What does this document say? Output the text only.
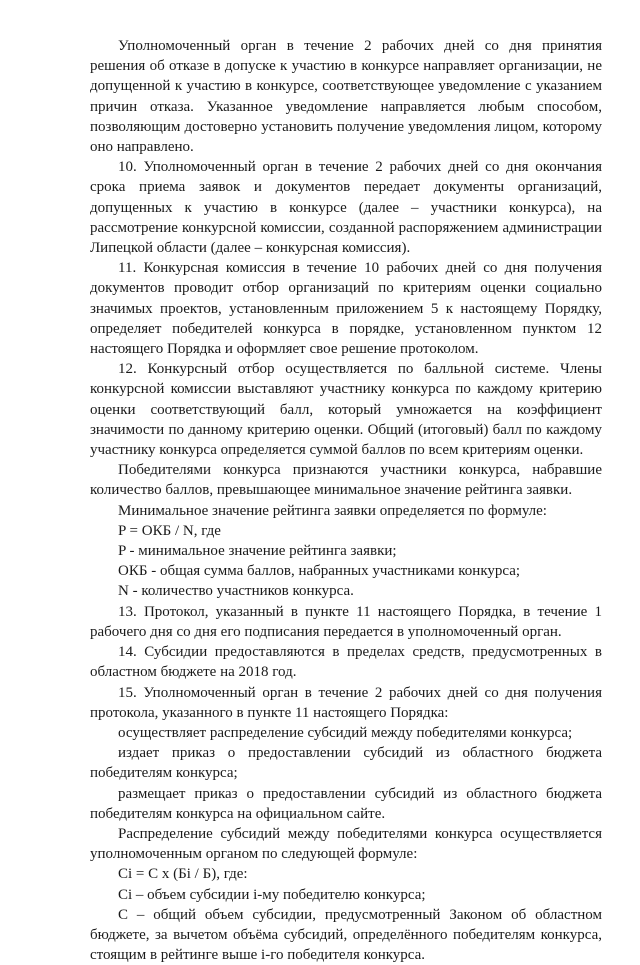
Уполномоченный орган в течение 2 рабочих дней со дня принятия решения об отказе в допуске к участию в конкурсе направляет организации, не допущенной к участию в конкурсе, соответствующее уведомление с указанием причин отказа. Указанное уведомление направляется любым способом, позволяющим достоверно установить получение уведомления лицом, которому оно направлено.

10. Уполномоченный орган в течение 2 рабочих дней со дня окончания срока приема заявок и документов передает документы организаций, допущенных к участию в конкурсе (далее – участники конкурса), на рассмотрение конкурсной комиссии, созданной распоряжением администрации Липецкой области (далее – конкурсная комиссия).

11. Конкурсная комиссия в течение 10 рабочих дней со дня получения документов проводит отбор организаций по критериям оценки социально значимых проектов, установленным приложением 5 к настоящему Порядку, определяет победителей конкурса в порядке, установленном пунктом 12 настоящего Порядка и оформляет свое решение протоколом.

12. Конкурсный отбор осуществляется по балльной системе. Члены конкурсной комиссии выставляют участнику конкурса по каждому критерию оценки соответствующий балл, который умножается на коэффициент значимости по данному критерию оценки. Общий (итоговый) балл по каждому участнику конкурса определяется суммой баллов по всем критериям оценки.

Победителями конкурса признаются участники конкурса, набравшие количество баллов, превышающее минимальное значение рейтинга заявки.

Минимальное значение рейтинга заявки определяется по формуле:

P = ОКБ / N, где

P - минимальное значение рейтинга заявки;

ОКБ - общая сумма баллов, набранных участниками конкурса;

N - количество участников конкурса.

13. Протокол, указанный в пункте 11 настоящего Порядка, в течение 1 рабочего дня со дня его подписания передается в уполномоченный орган.

14. Субсидии предоставляются в пределах средств, предусмотренных в областном бюджете на 2018 год.

15. Уполномоченный орган в течение 2 рабочих дней со дня получения протокола, указанного в пункте 11 настоящего Порядка:

осуществляет распределение субсидий между победителями конкурса;

издает приказ о предоставлении субсидий из областного бюджета победителям конкурса;

размещает приказ о предоставлении субсидий из областного бюджета победителям конкурса на официальном сайте.

Распределение субсидий между победителями конкурса осуществляется уполномоченным органом по следующей формуле:

Ci = C x (Бi / Б), где:

Ci – объем субсидии i-му победителю конкурса;

C – общий объем субсидии, предусмотренный Законом об областном бюджете, за вычетом объёма субсидий, определённого победителям конкурса, стоящим в рейтинге выше i-го победителя конкурса.
